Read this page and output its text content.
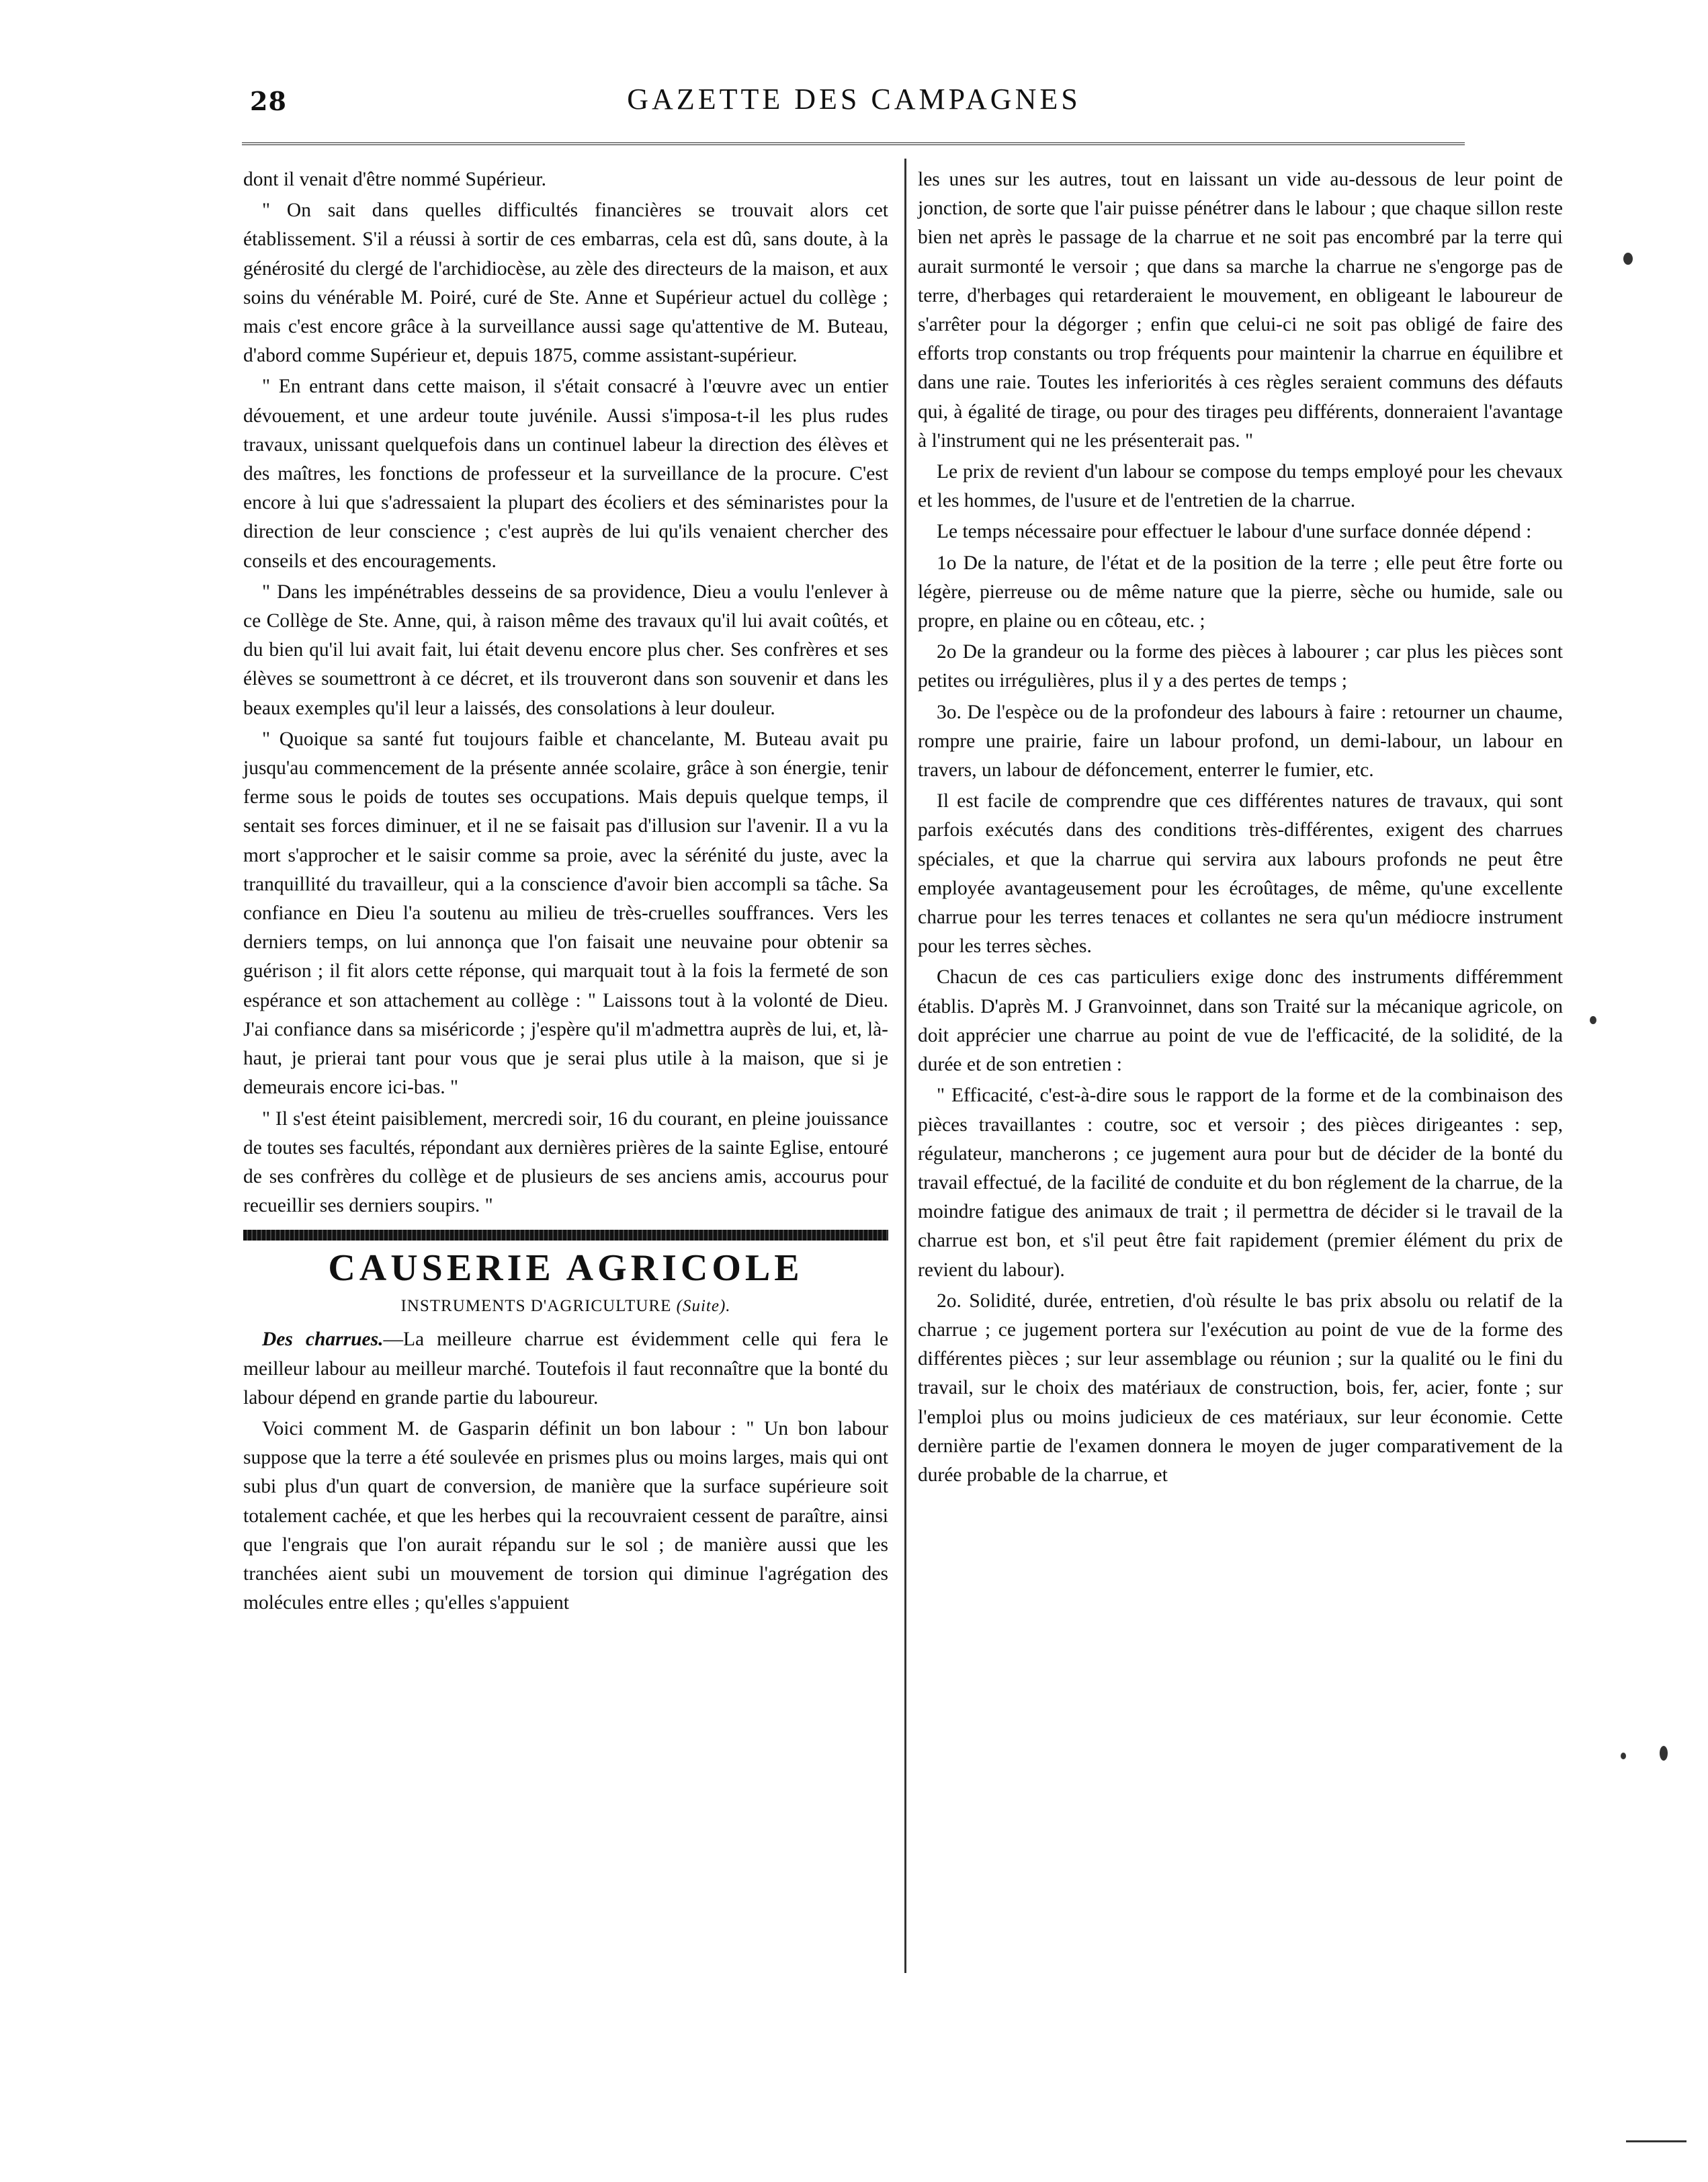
28	GAZETTE DES CAMPAGNES

dont il venait d'être nommé Supérieur.

" On sait dans quelles difficultés financières se trouvait alors cet établissement. S'il a réussi à sortir de ces embarras, cela est dû, sans doute, à la générosité du clergé de l'archidiocèse, au zèle des directeurs de la maison, et aux soins du vénérable M. Poiré, curé de Ste. Anne et Supérieur actuel du collège ; mais c'est encore grâce à la surveillance aussi sage qu'attentive de M. Buteau, d'abord comme Supérieur et, depuis 1875, comme assistant-supérieur.

" En entrant dans cette maison, il s'était consacré à l'œuvre avec un entier dévouement, et une ardeur toute juvénile. Aussi s'imposa-t-il les plus rudes travaux, unissant quelquefois dans un continuel labeur la direction des élèves et des maîtres, les fonctions de professeur et la surveillance de la procure. C'est encore à lui que s'adressaient la plupart des écoliers et des séminaristes pour la direction de leur conscience ; c'est auprès de lui qu'ils venaient chercher des conseils et des encouragements.

" Dans les impénétrables desseins de sa providence, Dieu a voulu l'enlever à ce Collège de Ste. Anne, qui, à raison même des travaux qu'il lui avait coûtés, et du bien qu'il lui avait fait, lui était devenu encore plus cher. Ses confrères et ses élèves se soumettront à ce décret, et ils trouveront dans son souvenir et dans les beaux exemples qu'il leur a laissés, des consolations à leur douleur.

" Quoique sa santé fut toujours faible et chancelante, M. Buteau avait pu jusqu'au commencement de la présente année scolaire, grâce à son énergie, tenir ferme sous le poids de toutes ses occupations. Mais depuis quelque temps, il sentait ses forces diminuer, et il ne se faisait pas d'illusion sur l'avenir. Il a vu la mort s'approcher et le saisir comme sa proie, avec la sérénité du juste, avec la tranquillité du travailleur, qui a la conscience d'avoir bien accompli sa tâche. Sa confiance en Dieu l'a soutenu au milieu de très-cruelles souffrances. Vers les derniers temps, on lui annonça que l'on faisait une neuvaine pour obtenir sa guérison ; il fit alors cette réponse, qui marquait tout à la fois la fermeté de son espérance et son attachement au collège : " Laissons tout à la volonté de Dieu. J'ai confiance dans sa miséricorde ; j'espère qu'il m'admettra auprès de lui, et, là-haut, je prierai tant pour vous que je serai plus utile à la maison, que si je demeurais encore ici-bas. "

" Il s'est éteint paisiblement, mercredi soir, 16 du courant, en pleine jouissance de toutes ses facultés, répondant aux dernières prières de la sainte Eglise, entouré de ses confrères du collège et de plusieurs de ses anciens amis, accourus pour recueillir ses derniers soupirs. "

CAUSERIE AGRICOLE
INSTRUMENTS D'AGRICULTURE (Suite).

Des charrues.—La meilleure charrue est évidemment celle qui fera le meilleur labour au meilleur marché. Toutefois il faut reconnaître que la bonté du labour dépend en grande partie du laboureur.

Voici comment M. de Gasparin définit un bon labour : " Un bon labour suppose que la terre a été soulevée en prismes plus ou moins larges, mais qui ont subi plus d'un quart de conversion, de manière que la surface supérieure soit totalement cachée, et que les herbes qui la recouvraient cessent de paraître, ainsi que l'engrais que l'on aurait répandu sur le sol ; de manière aussi que les tranchées aient subi un mouvement de torsion qui diminue l'agrégation des molécules entre elles ; qu'elles s'appuient

les unes sur les autres, tout en laissant un vide au-dessous de leur point de jonction, de sorte que l'air puisse pénétrer dans le labour ; que chaque sillon reste bien net après le passage de la charrue et ne soit pas encombré par la terre qui aurait surmonté le versoir ; que dans sa marche la charrue ne s'engorge pas de terre, d'herbages qui retarderaient le mouvement, en obligeant le laboureur de s'arrêter pour la dégorger ; enfin que celui-ci ne soit pas obligé de faire des efforts trop constants ou trop fréquents pour maintenir la charrue en équilibre et dans une raie. Toutes les inferiorités à ces règles seraient communs des défauts qui, à égalité de tirage, ou pour des tirages peu différents, donneraient l'avantage à l'instrument qui ne les présenterait pas. "

Le prix de revient d'un labour se compose du temps employé pour les chevaux et les hommes, de l'usure et de l'entretien de la charrue.

Le temps nécessaire pour effectuer le labour d'une surface donnée dépend :

1o De la nature, de l'état et de la position de la terre ; elle peut être forte ou légère, pierreuse ou de même nature que la pierre, sèche ou humide, sale ou propre, en plaine ou en côteau, etc. ;

2o De la grandeur ou la forme des pièces à labourer ; car plus les pièces sont petites ou irrégulières, plus il y a des pertes de temps ;

3o. De l'espèce ou de la profondeur des labours à faire : retourner un chaume, rompre une prairie, faire un labour profond, un demi-labour, un labour en travers, un labour de défoncement, enterrer le fumier, etc.

Il est facile de comprendre que ces différentes natures de travaux, qui sont parfois exécutés dans des conditions très-différentes, exigent des charrues spéciales, et que la charrue qui servira aux labours profonds ne peut être employée avantageusement pour les écroûtages, de même, qu'une excellente charrue pour les terres tenaces et collantes ne sera qu'un médiocre instrument pour les terres sèches.

Chacun de ces cas particuliers exige donc des instruments différemment établis. D'après M. J Granvoinnet, dans son Traité sur la mécanique agricole, on doit apprécier une charrue au point de vue de l'efficacité, de la solidité, de la durée et de son entretien :

" Efficacité, c'est-à-dire sous le rapport de la forme et de la combinaison des pièces travaillantes : coutre, soc et versoir ; des pièces dirigeantes : sep, régulateur, mancherons ; ce jugement aura pour but de décider de la bonté du travail effectué, de la facilité de conduite et du bon réglement de la charrue, de la moindre fatigue des animaux de trait ; il permettra de décider si le travail de la charrue est bon, et s'il peut être fait rapidement (premier élément du prix de revient du labour).

2o. Solidité, durée, entretien, d'où résulte le bas prix absolu ou relatif de la charrue ; ce jugement portera sur l'exécution au point de vue de la forme des différentes pièces ; sur leur assemblage ou réunion ; sur la qualité ou le fini du travail, sur le choix des matériaux de construction, bois, fer, acier, fonte ; sur l'emploi plus ou moins judicieux de ces matériaux, sur leur économie. Cette dernière partie de l'examen donnera le moyen de juger comparativement de la durée probable de la charrue, et
